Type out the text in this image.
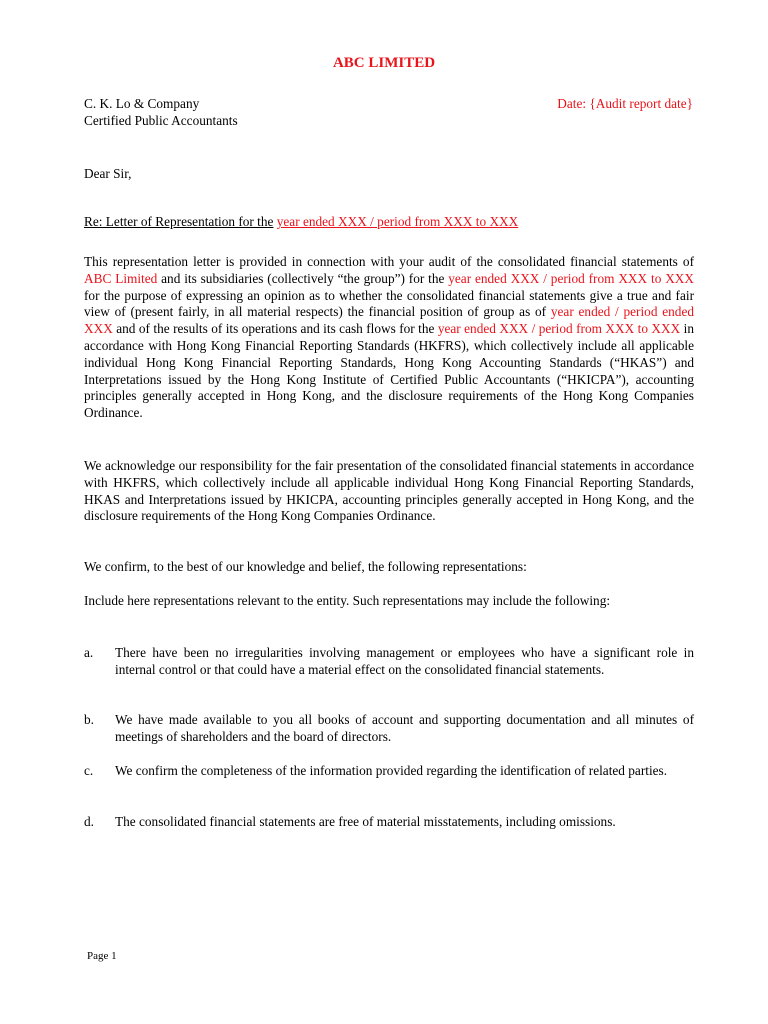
ABC LIMITED
C. K. Lo & Company
Certified Public Accountants
Date: {Audit report date}
Dear Sir,
Re: Letter of Representation for the year ended XXX / period from XXX to XXX
This representation letter is provided in connection with your audit of the consolidated financial statements of ABC Limited and its subsidiaries (collectively “the group”) for the year ended XXX / period from XXX to XXX for the purpose of expressing an opinion as to whether the consolidated financial statements give a true and fair view of (present fairly, in all material respects) the financial position of group as of year ended / period ended XXX and of the results of its operations and its cash flows for the year ended XXX / period from XXX to XXX in accordance with Hong Kong Financial Reporting Standards (HKFRS), which collectively include all applicable individual Hong Kong Financial Reporting Standards, Hong Kong Accounting Standards (“HKAS”) and Interpretations issued by the Hong Kong Institute of Certified Public Accountants (“HKICPA”), accounting principles generally accepted in Hong Kong, and the disclosure requirements of the Hong Kong Companies Ordinance.
We acknowledge our responsibility for the fair presentation of the consolidated financial statements in accordance with HKFRS, which collectively include all applicable individual Hong Kong Financial Reporting Standards, HKAS and Interpretations issued by HKICPA, accounting principles generally accepted in Hong Kong, and the disclosure requirements of the Hong Kong Companies Ordinance.
We confirm, to the best of our knowledge and belief, the following representations:
Include here representations relevant to the entity. Such representations may include the following:
a. There have been no irregularities involving management or employees who have a significant role in internal control or that could have a material effect on the consolidated financial statements.
b. We have made available to you all books of account and supporting documentation and all minutes of meetings of shareholders and the board of directors.
c. We confirm the completeness of the information provided regarding the identification of related parties.
d. The consolidated financial statements are free of material misstatements, including omissions.
Page 1
